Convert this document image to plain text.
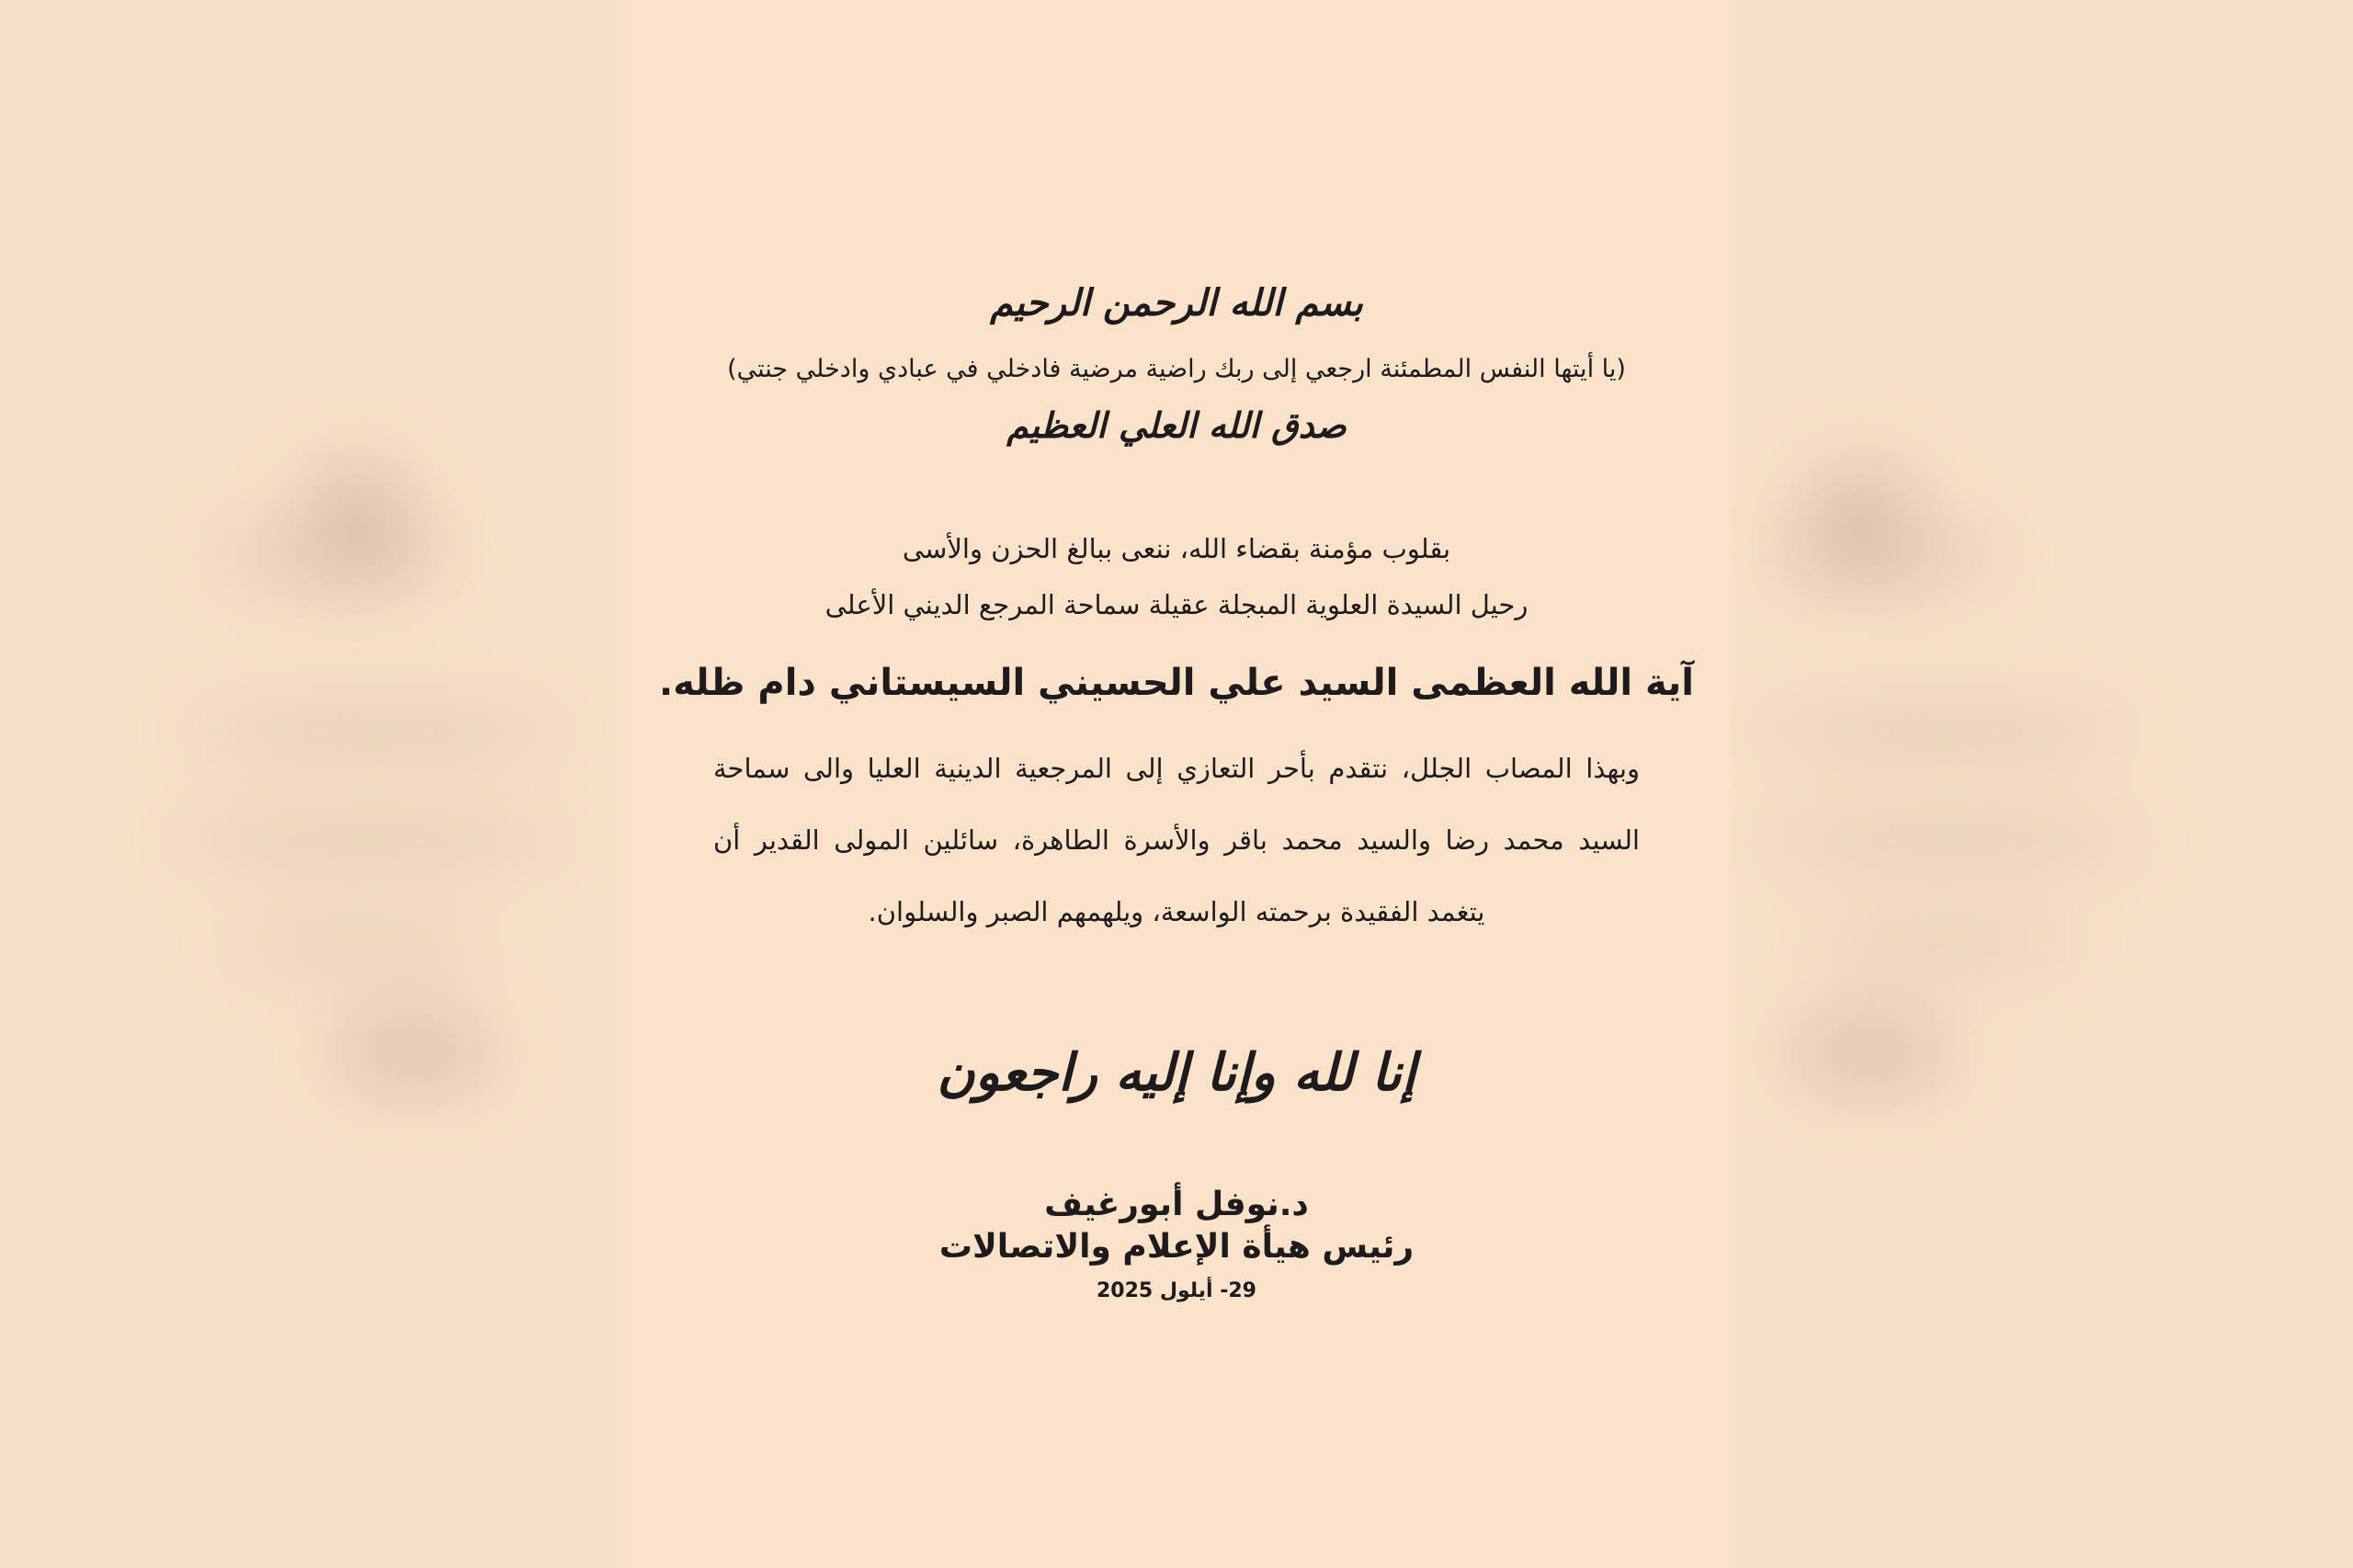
بسم الله الرحمن الرحيم
(يا أيتها النفس المطمئنة ارجعي إلى ربك راضية مرضية فادخلي في عبادي وادخلي جنتي)
صدق الله العلي العظيم
بقلوب مؤمنة بقضاء الله، ننعى ببالغ الحزن والأسى
رحيل السيدة العلوية المبجلة عقيلة سماحة المرجع الديني الأعلى
آية الله العظمى السيد علي الحسيني السيستاني دام ظله.
وبهذا المصاب الجلل، نتقدم بأحر التعازي إلى المرجعية الدينية العليا والى سماحة السيد محمد رضا والسيد محمد باقر والأسرة الطاهرة، سائلين المولى القدير أن يتغمد الفقيدة برحمته الواسعة، ويلهمهم الصبر والسلوان.
إنا لله وإنا إليه راجعون
د.نوفل أبورغيف
رئيس هيأة الإعلام والاتصالات
29- أيلول 2025
